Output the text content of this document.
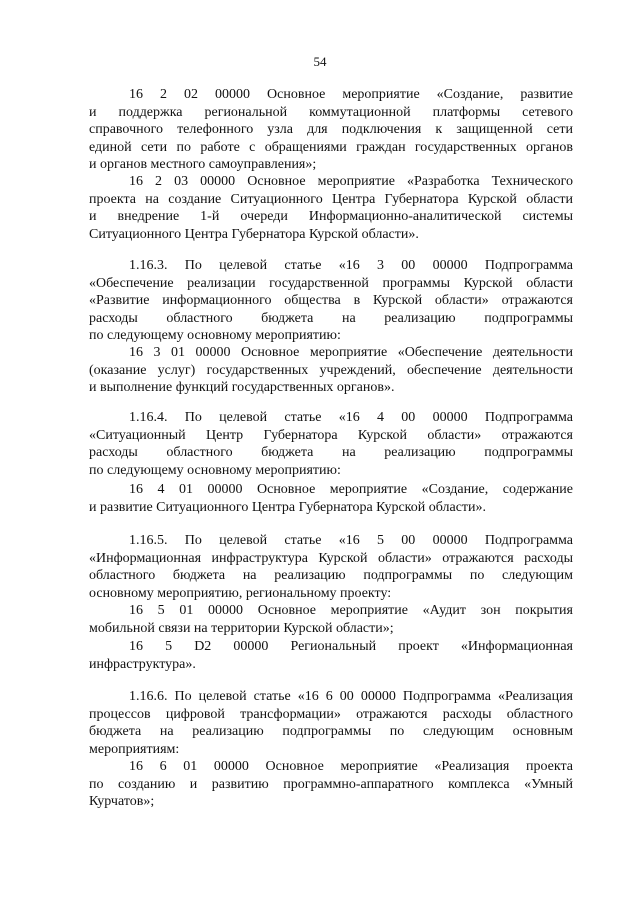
54
16 2 02 00000 Основное мероприятие «Создание, развитие
и поддержка региональной коммутационной платформы сетевого
справочного телефонного узла для подключения к защищенной сети
единой сети по работе с обращениями граждан государственных органов
и органов местного самоуправления»;
16 2 03 00000 Основное мероприятие «Разработка Технического
проекта на создание Ситуационного Центра Губернатора Курской области
и внедрение 1-й очереди Информационно-аналитической системы
Ситуационного Центра Губернатора Курской области».
1.16.3. По целевой статье «16 3 00 00000 Подпрограмма
«Обеспечение реализации государственной программы Курской области
«Развитие информационного общества в Курской области» отражаются
расходы областного бюджета на реализацию подпрограммы
по следующему основному мероприятию:
16 3 01 00000 Основное мероприятие «Обеспечение деятельности
(оказание услуг) государственных учреждений, обеспечение деятельности
и выполнение функций государственных органов».
1.16.4. По целевой статье «16 4 00 00000 Подпрограмма
«Ситуационный Центр Губернатора Курской области» отражаются
расходы областного бюджета на реализацию подпрограммы
по следующему основному мероприятию:
16 4 01 00000 Основное мероприятие «Создание, содержание
и развитие Ситуационного Центра Губернатора Курской области».
1.16.5. По целевой статье «16 5 00 00000 Подпрограмма
«Информационная инфраструктура Курской области» отражаются расходы
областного бюджета на реализацию подпрограммы по следующим
основному мероприятию, региональному проекту:
16 5 01 00000 Основное мероприятие «Аудит зон покрытия
мобильной связи на территории Курской области»;
16 5 D2 00000 Региональный проект «Информационная
инфраструктура».
1.16.6. По целевой статье «16 6 00 00000 Подпрограмма «Реализация
процессов цифровой трансформации» отражаются расходы областного
бюджета на реализацию подпрограммы по следующим основным
мероприятиям:
16 6 01 00000 Основное мероприятие «Реализация проекта
по созданию и развитию программно-аппаратного комплекса «Умный
Курчатов»;
